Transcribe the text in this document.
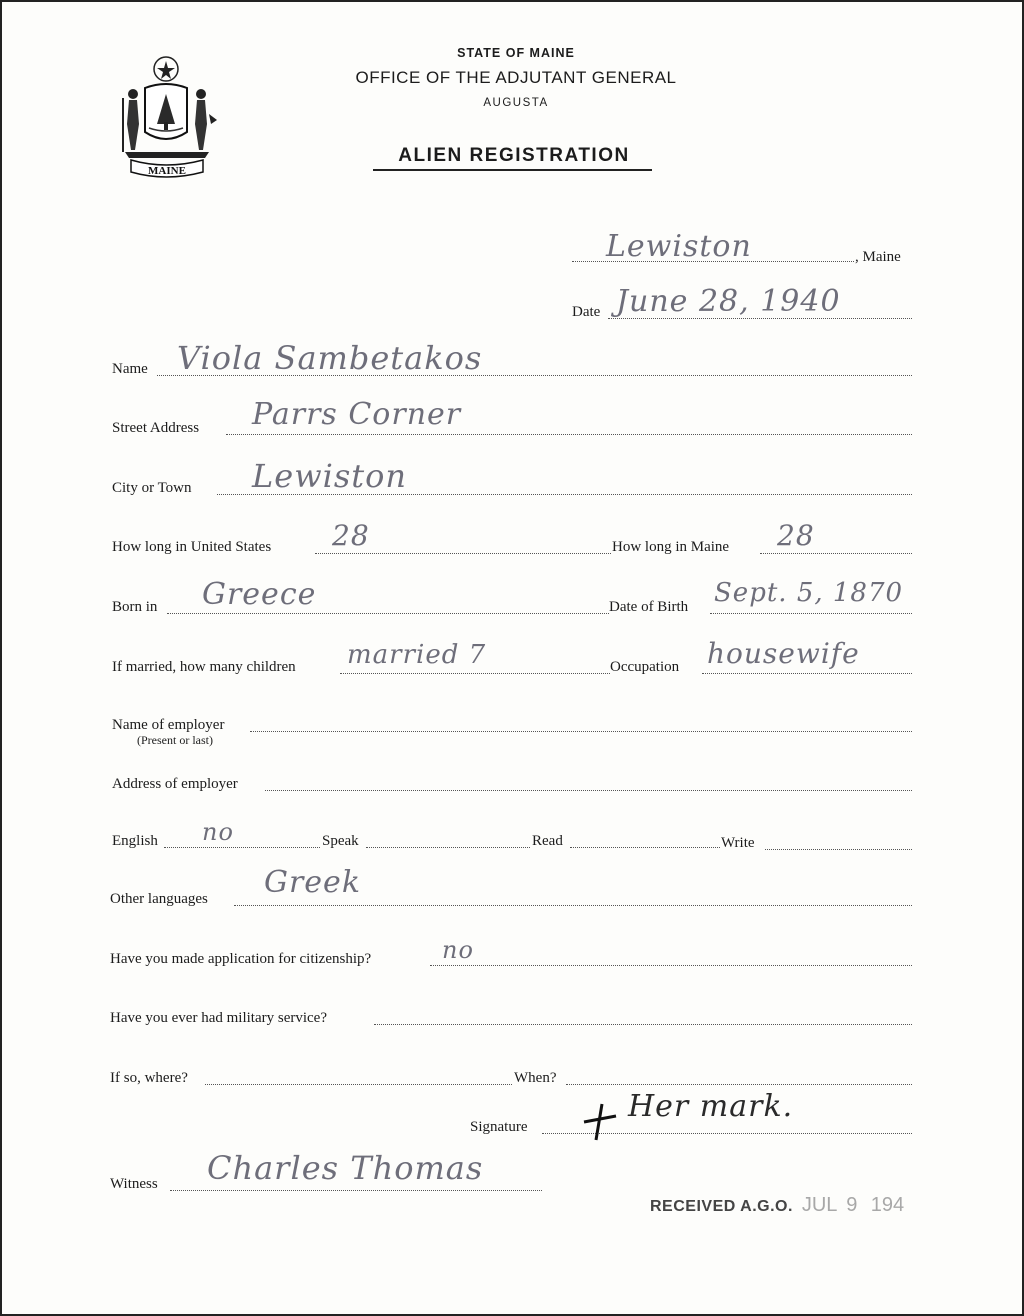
MAINE
STATE OF MAINE
OFFICE OF THE ADJUTANT GENERAL
AUGUSTA
ALIEN REGISTRATION
Lewiston	, Maine
Date June 28, 1940
Name Viola Sambetakos
Street Address Parrs Corner
City or Town Lewiston
How long in United States 28	How long in Maine 28
Born in Greece	Date of Birth Sept. 5, 1870
If married, how many children married 7	Occupation housewife
Name of employer
(Present or last)
Address of employer
English no	Speak	Read	Write
Other languages Greek
Have you made application for citizenship?	no
Have you ever had military service?
If so, where?	When?
Signature
Her mark.
Witness Charles Thomas
RECEIVED A.G.O. JUL 9 194
